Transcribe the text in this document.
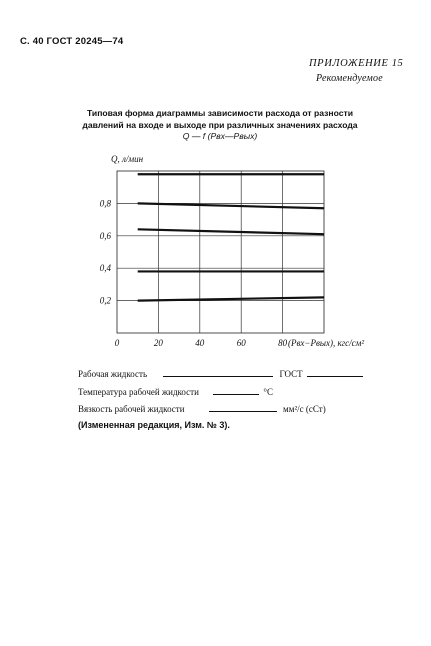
С. 40 ГОСТ 20245—74
ПРИЛОЖЕНИЕ 15
Рекомендуемое
Типовая форма диаграммы зависимости расхода от разности
давлений на входе и выходе при различных значениях расхода
Q — f (Pвх—Pвых)
0	20	40	60	80
0,2
0,4
0,6
0,8
Q, л/мин
(Pвх−Pвых), кгс/см²
Рабочая жидкость	ГОСТ
Температура рабочей жидкости	°С
Вязкость рабочей жидкости	мм²/с (сСт)
(Измененная редакция, Изм. № 3).
